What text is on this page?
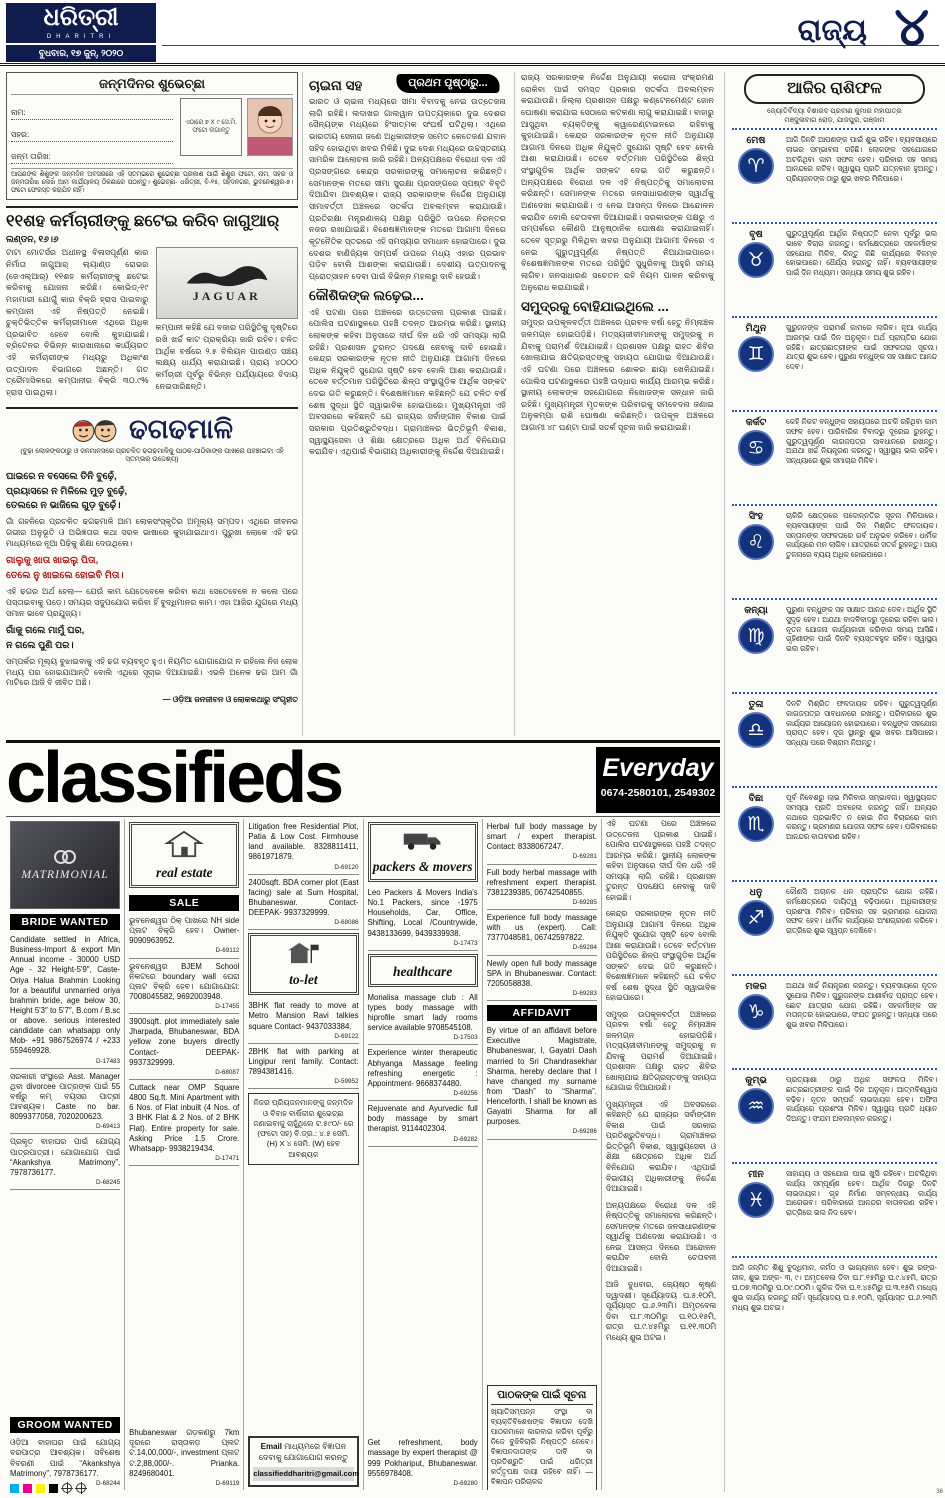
ଧରିତ୍ରୀ
DHARITRI
ବୁଧବାର, ୧୭ ଜୁନ୍, ୨୦୨୦
ରାଜ୍ୟ ୪
ଜନ୍ମଦିନର ଶୁଭେଚ୍ଛା
ନାମ:
ସହର:
ଜନ୍ମ ତାରିଖ:
ଏଠାରେ ୭ X ୯ ସେ.ମି. ଫଟୋ ଲଗାନ୍ତୁ
ଆପଣଙ୍କ ଶିଶୁଙ୍କ ଜନ୍ମଦିନ ଅବସରରେ ଏହି ସ୍ତମ୍ଭରେ ଶୁଭେଚ୍ଛା ପ୍ରକାଶ ପାଇଁ ଶିଶୁର ଫଟୋ, ନାମ, ସହର ଓ ଜନ୍ମତାରିଖ ଲେଖି ଆମ କାର୍ଯ୍ୟାଳୟ ଠିକଣାରେ ପଠାନ୍ତୁ। ଶୁଭେଚ୍ଛା- ଧରିତ୍ରୀ, ବି-୧୫, ସହିଦନଗର, ଭୁବନେଶ୍ୱର-୭। ଫଟୋ ଫେରସ୍ତ କରାଯିବ ନାହିଁ।
୧୧ଶହ କର୍ମଚାରୀଙ୍କୁ ଛଟେଇ କରିବ ଜାଗୁଆର୍
ଲଣ୍ଡନ, ୧୬।୬
ଟାଟା ମୋଟର୍ସର ଅଧୀନସ୍ଥ ବିଳାସପୂର୍ଣ୍ଣ କାର ନିର୍ମାତା ଜାଗୁଆର୍ ଲ୍ୟାଣ୍ଡ ରୋଭର (ଜେଏଲ୍‌ଆର୍) ୧୧ଶହ କର୍ମଚାରୀଙ୍କୁ ଛଟେଇ କରିବାକୁ ଯୋଜନା କରିଛି। କୋଭିଡ୍-୧୯ ମହାମାରୀ ଯୋଗୁଁ କାର ବିକ୍ରି ହ୍ରାସ ପାଇବାରୁ କମ୍ପାନୀ ଏହି ନିଷ୍ପତ୍ତି ନେଇଛି। ଚୁକ୍ତିଭିତ୍ତିକ କର୍ମଚାରୀମାନେ ଏଥିରେ ଅଧିକ ପ୍ରଭାବିତ ହେବେ ବୋଲି କୁହାଯାଇଛି। ବ୍ରିଟେନର ବିଭିନ୍ନ କାରଖାନାରେ କାର୍ଯ୍ୟରତ ଏହି କର୍ମଚାରୀଙ୍କ ମଧ୍ୟରୁ ଅଧିକାଂଶ ଉତ୍ପାଦନ ବିଭାଗରେ ଅଛନ୍ତି। ଗତ ତ୍ରୈମାସିକରେ କମ୍ପାନୀର ବିକ୍ରି ୩୦.୯% ହ୍ରାସ ପାଇଥିଲା।
JAGUAR
କମ୍ପାନୀ କହିଛି ଯେ ବଜାର ପରିସ୍ଥିତିକୁ ଦୃଷ୍ଟିରେ ରଖି ଖର୍ଚ୍ଚ କାଟ ପ୍ରକ୍ରିୟା ଜାରି ରହିବ। ଚଳିତ ଆର୍ଥିକ ବର୍ଷରେ ୨.୫ ବିଲିୟନ ପାଉଣ୍ଡ ସଞ୍ଚୟ ଲକ୍ଷ୍ୟ ଧାର୍ଯ୍ୟ କରାଯାଇଛି। ପ୍ରାୟ ୪୦୦୦ କର୍ମଚାରୀ ପୂର୍ବରୁ ବିଭିନ୍ନ ପର୍ଯ୍ୟାୟରେ ବିଦାୟ ନେଇସାରିଛନ୍ତି।
ଢଗଢମାଳି
(ବୁଢ଼ା ଲୋକଙ୍କଠାରୁ ଓ ଜନମାନସରେ ପ୍ରଚଳିତ ଢଗଢମାଳିକୁ ପାଠକ-ପାଠିକାଙ୍କ ପାଖରେ ପହଞ୍ଚାଇବା ଏହି ସ୍ତମ୍ଭର ଉଦ୍ଦେଶ୍ୟ)
ଘାଇରେ ନ ବସେଲେ ତିନି ବୁଢ଼େଁ,
ପ୍ରୟାସରେ ନ ମିଳିଲେ ମୁଡ଼ ବୁଢ଼େଁ,
ତେଲରେ ନ ଭାଜିଲେ ଗୁଡ଼ ବୁଢ଼େଁ।
ଗାଁ ଗହଳିରେ ପ୍ରଚଳିତ ଢଗଢମାଳି ଆମ ଲୋକସଂସ୍କୃତିର ଅମୂଲ୍ୟ ସମ୍ପଦ। ଏଥିରେ ଜୀବନର ଗଭୀର ଅନୁଭୂତି ଓ ଅଭିଜ୍ଞତାର କଥା ସରଳ ଭାଷାରେ କୁହାଯାଇଥାଏ। ପୁରୁଖା ଲୋକେ ଏହି ଢଗ ମାଧ୍ୟମରେ ନୂଆ ପିଢ଼ିକୁ ଶିକ୍ଷା ଦେଉଥିଲେ।
ଗାଲୁକୁ ଖାତା ଖାଇଲୁ ପିତା,
ତେଲେ ନୁ ଖାଇଲେ ହୋଇବି ମିତା।
ଏହି ଢଗର ଅର୍ଥ ହେଲା— ଯେଉଁ କାମ ଯେତେବେଳେ କରିବା କଥା ସେତେବେଳେ ନ କଲେ ପରେ ପସ୍ତାଇବାକୁ ପଡ଼େ। ସମୟର ସଦୁପଯୋଗ କରିବା ହିଁ ବୁଦ୍ଧିମାନର କାମ। ଏହା ଆଜିର ଯୁଗରେ ମଧ୍ୟ ସମାନ ଭାବେ ପ୍ରଯୁଜ୍ୟ।
ଗାଁକୁ ଗଲେ ମାମୁଁ ଘର,
ନ ଗଲେ ପୁଣି ପର।
ସମ୍ପର୍କର ମୂଲ୍ୟ ବୁଝାଇବାକୁ ଏହି ଢଗ ବ୍ୟବହୃତ ହୁଏ। ନିୟମିତ ଯୋଗାଯୋଗ ନ ରହିଲେ ନିଜ ଲୋକ ମଧ୍ୟ ପର ହୋଇଯାଆନ୍ତି ବୋଲି ଏଥିରେ ସୂଚାଇ ଦିଆଯାଇଛି। ଏଭଳି ଅନେକ ଢଗ ଆମ ଗାଁ ମାଟିରେ ଆଜି ବି ଜୀବିତ ଅଛି।
— ଓଡ଼ିଆ ଜନଜୀବନ ଓ ଲୋକକଥାରୁ ସଂଗୃହୀତ
ପ୍ରଥମ ପୃଷ୍ଠାରୁ...
ଚାଇନା ସହ
ଭାରତ ଓ ଚାଇନା ମଧ୍ୟରେ ସୀମା ବିବାଦକୁ ନେଇ ଉତ୍ତେଜନା ଲାଗି ରହିଛି। ଲଦାଖର ଗାଲୱାନ ଉପତ୍ୟକାରେ ଦୁଇ ଦେଶର ସୈନ୍ୟଙ୍କ ମଧ୍ୟରେ ହିଂସାତ୍ମକ ସଂଘର୍ଷ ଘଟିଥିଲା। ଏଥିରେ ଭାରତୀୟ ସେନାର ଜଣେ ଅଧିକାରୀଙ୍କ ସମେତ କେତେଜଣ ଯବାନ ସହିଦ ହୋଇଥିବା ଖବର ମିଳିଛି। ଦୁଇ ଦେଶ ମଧ୍ୟରେ ଉଚ୍ଚସ୍ତରୀୟ ସାମରିକ ଆଲୋଚନା ଜାରି ରହିଛି। ଅନ୍ୟପକ୍ଷରେ ବିରୋଧୀ ଦଳ ଏହି ପ୍ରସଙ୍ଗରେ କେନ୍ଦ୍ର ସରକାରଙ୍କୁ ସମାଲୋଚନା କରିଛନ୍ତି। ସେମାନଙ୍କ ମତରେ ସୀମା ସୁରକ୍ଷା ପ୍ରସଙ୍ଗରେ ସ୍ପଷ୍ଟ ବିବୃତି ଦିଆଯିବା ଆବଶ୍ୟକ। ରାଜ୍ୟ ସରକାରଙ୍କ ନିର୍ଦ୍ଦେଶ ଅନୁଯାୟୀ ସୀମାବର୍ତ୍ତୀ ଅଞ୍ଚଳରେ ସତର୍କତା ଅବଲମ୍ବନ କରାଯାଉଛି। ପ୍ରତିରକ୍ଷା ମନ୍ତ୍ରଣାଳୟ ପକ୍ଷରୁ ପରିସ୍ଥିତି ଉପରେ ନିରନ୍ତର ନଜର ରଖାଯାଇଛି। ବିଶେଷଜ୍ଞମାନଙ୍କ ମତରେ ଆଗାମୀ ଦିନରେ କୂଟନୈତିକ ସ୍ତରରେ ଏହି ସମସ୍ୟାର ସମାଧାନ ହୋଇପାରେ। ଦୁଇ ଦେଶର ବାଣିଜ୍ୟିକ ସମ୍ପର୍କ ଉପରେ ମଧ୍ୟ ଏହାର ପ୍ରଭାବ ପଡ଼ିବ ବୋଲି ଆଶଙ୍କା କରାଯାଉଛି। ଦେଶୀୟ ଉତ୍ପାଦନକୁ ପ୍ରୋତ୍ସାହନ ଦେବା ପାଇଁ ବିଭିନ୍ନ ମହଲରୁ ଦାବି ହେଉଛି।
କୌଶିକଙ୍କ ଲଢ଼େଇ...
ଏହି ଘଟଣା ପରେ ଅଞ୍ଚଳରେ ଉତ୍ତେଜନା ପ୍ରକାଶ ପାଇଛି। ପୋଲିସ ଘଟଣାସ୍ଥଳରେ ପହଞ୍ଚି ତଦନ୍ତ ଆରମ୍ଭ କରିଛି। ସ୍ଥାନୀୟ ଲୋକଙ୍କ କହିବା ଅନୁସାରେ ଦୀର୍ଘ ଦିନ ଧରି ଏହି ସମସ୍ୟା ଲାଗି ରହିଛି। ପ୍ରଶାସନ ତୁରନ୍ତ ପଦକ୍ଷେ ନେବାକୁ ଦାବି ହୋଇଛି। କେନ୍ଦ୍ର ସରକାରଙ୍କ ନୂତନ ନୀତି ଅନୁଯାୟୀ ଆଗାମୀ ଦିନରେ ଅଧିକ ନିଯୁକ୍ତି ସୁଯୋଗ ସୃଷ୍ଟି ହେବ ବୋଲି ଆଶା କରାଯାଉଛି। ତେବେ ବର୍ତ୍ତମାନ ପରିସ୍ଥିତିରେ ଶିଳ୍ପ ସଂସ୍ଥାଗୁଡ଼ିକ ଆର୍ଥିକ ସଙ୍କଟ ଦେଇ ଗତି କରୁଛନ୍ତି। ବିଶେଷଜ୍ଞମାନେ କହିଛନ୍ତି ଯେ ଚଳିତ ବର୍ଷ ଶେଷ ସୁଦ୍ଧା ସ୍ଥିତି ସ୍ୱାଭାବିକ ହୋଇପାରେ। ମୁଖ୍ୟମନ୍ତ୍ରୀ ଏହି ଅବସରରେ କହିଛନ୍ତି ଯେ ରାଜ୍ୟର ସର୍ବାଙ୍ଗୀନ ବିକାଶ ପାଇଁ ସରକାର ପ୍ରତିଶ୍ରୁତିବଦ୍ଧ। ଗ୍ରାମାଞ୍ଚଳର ଭିତ୍ତିଭୂମି ବିକାଶ, ସ୍ୱାସ୍ଥ୍ୟସେବା ଓ ଶିକ୍ଷା କ୍ଷେତ୍ରରେ ଅଧିକ ଅର୍ଥ ବିନିଯୋଗ କରାଯିବ। ଏଥିପାଇଁ ବିଭାଗୀୟ ଅଧିକାରୀଙ୍କୁ ନିର୍ଦ୍ଦେଶ ଦିଆଯାଇଛି।
ରାଜ୍ୟ ସରକାରଙ୍କ ନିର୍ଦ୍ଦେଶ ଅନୁଯାୟୀ କରୋନା ସଂକ୍ରମଣ ରୋକିବା ପାଇଁ ସମସ୍ତ ପ୍ରକାର ସତର୍କତା ଅବଲମ୍ବନ କରାଯାଉଛି। ଜିଲ୍ଲା ପ୍ରଶାସନ ପକ୍ଷରୁ କଣ୍ଟେନମେଣ୍ଟ ଜୋନ ଘୋଷଣା କରାଯାଇ ସେଠାରେ କଟକଣା ଲାଗୁ କରାଯାଇଛି। ବାହାରୁ ଆସୁଥିବା ବ୍ୟକ୍ତିଙ୍କୁ କ୍ୱାରେଣ୍ଟାଇନରେ ରହିବାକୁ କୁହାଯାଇଛି। କେନ୍ଦ୍ର ସରକାରଙ୍କ ନୂତନ ନୀତି ଅନୁଯାୟୀ ଆଗାମୀ ଦିନରେ ଅଧିକ ନିଯୁକ୍ତି ସୁଯୋଗ ସୃଷ୍ଟି ହେବ ବୋଲି ଆଶା କରାଯାଉଛି। ତେବେ ବର୍ତ୍ତମାନ ପରିସ୍ଥିତିରେ ଶିଳ୍ପ ସଂସ୍ଥାଗୁଡ଼ିକ ଆର୍ଥିକ ସଙ୍କଟ ଦେଇ ଗତି କରୁଛନ୍ତି। ଅନ୍ୟପକ୍ଷରେ ବିରୋଧୀ ଦଳ ଏହି ନିଷ୍ପତ୍ତିକୁ ସମାଲୋଚନା କରିଛନ୍ତି। ସେମାନଙ୍କ ମତରେ ଜନସାଧାରଣଙ୍କ ସ୍ୱାର୍ଥକୁ ଅଣଦେଖା କରାଯାଉଛି। ଏ ନେଇ ଆସନ୍ତା ଦିନରେ ଆନ୍ଦୋଳନ କରାଯିବ ବୋଲି ଚେତାବନୀ ଦିଆଯାଇଛି। ସରକାରଙ୍କ ପକ୍ଷରୁ ଏ ସମ୍ପର୍କରେ କୌଣସି ଆନୁଷ୍ଠାନିକ ଘୋଷଣା କରାଯାଇନାହିଁ। ତେବେ ସୂତ୍ରରୁ ମିଳିଥିବା ଖବର ଅନୁଯାୟୀ ଆଗାମୀ ଦିନରେ ଏ ନେଇ ଗୁରୁତ୍ୱପୂର୍ଣ୍ଣ ନିଷ୍ପତ୍ତି ନିଆଯାଇପାରେ। ବିଶେଷଜ୍ଞମାନଙ୍କ ମତରେ ପରିସ୍ଥିତି ସୁଧୁରିବାକୁ ଆହୁରି ସମୟ ଲାଗିବ। ଜନସାଧାରଣ ସଚେତନ ରହି ନିୟମ ପାଳନ କରିବାକୁ ଅନୁରୋଧ କରାଯାଇଛି।
ସମୁଦ୍ରକୁ ବୋହିଯାଇଥିଲେ ...
ସମୁଦ୍ର ଉପକୂଳବର୍ତ୍ତୀ ଅଞ୍ଚଳରେ ପ୍ରବଳ ବର୍ଷା ହେତୁ ନିମ୍ନାଞ୍ଚଳ ଜଳମଗ୍ନ ହୋଇପଡ଼ିଛି। ମତ୍ସ୍ୟଜୀବୀମାନଙ୍କୁ ସମୁଦ୍ରକୁ ନ ଯିବାକୁ ପରାମର୍ଶ ଦିଆଯାଇଛି। ପ୍ରଶାସନ ପକ୍ଷରୁ ରାହତ ଶିବିର ଖୋଲାଯାଇ କ୍ଷତିଗ୍ରସ୍ତଙ୍କୁ ସହାୟତା ଯୋଗାଇ ଦିଆଯାଉଛି। ଏହି ଘଟଣା ପରେ ଅଞ୍ଚଳରେ ଶୋକର ଛାୟା ଖେଳିଯାଇଛି। ପୋଲିସ ଘଟଣାସ୍ଥଳରେ ପହଞ୍ଚି ଉଦ୍ଧାର କାର୍ଯ୍ୟ ଆରମ୍ଭ କରିଛି। ସ୍ଥାନୀୟ ଲୋକଙ୍କ ସହଯୋଗରେ ନିଖୋଜଙ୍କ ସନ୍ଧାନ ଜାରି ରହିଛି। ମୁଖ୍ୟମନ୍ତ୍ରୀ ମୃତକଙ୍କ ପରିବାରକୁ ସମବେଦନା ଜଣାଇ ଅନୁକମ୍ପା ରାଶି ଘୋଷଣା କରିଛନ୍ତି। ଉପକୂଳ ଅଞ୍ଚଳରେ ଆଗାମୀ ୪୮ ଘଣ୍ଟା ପାଇଁ ସତର୍କ ସୂଚନା ଜାରି କରାଯାଇଛି।
ଆଜିର ରାଶିଫଳ
ଜ୍ୟୋତିର୍ବିଦ୍ୟା ବିଶାରଦ ପ୍ରବୀଣ କୁମାର ମହାପାତ୍ର
ମଞ୍ଜୁଳାବାଗ ରୋଡ଼, ଯାଜପୁର, ଗଞ୍ଜାମ
ମେଷ
♈
ଆଜି ଦିନଟି ଆପଣଙ୍କ ପାଇଁ ଶୁଭ ରହିବ। ବ୍ୟବସାୟରେ ଲାଭର ସମ୍ଭାବନା ରହିଛି। ଲୋକଙ୍କ ସହଯୋଗରେ ଅଟକିଥିବା କାମ ସଫଳ ହେବ। ପରିବାର ସହ ସମୟ ଆନନ୍ଦରେ କଟିବ। ସ୍ୱାସ୍ଥ୍ୟ ପ୍ରତି ଯତ୍ନବାନ ହୁଅନ୍ତୁ। ପ୍ରିୟଜନଙ୍କ ଠାରୁ ଶୁଭ ଖବର ମିଳିପାରେ।
ବୃଷ
♉
ଗୁରୁତ୍ୱପୂର୍ଣ୍ଣ ଆର୍ଥିକ ନିଷ୍ପତ୍ତି ନେବା ପୂର୍ବରୁ ଭଲ ଭାବେ ବିଚାର କରନ୍ତୁ। କର୍ମକ୍ଷେତ୍ରରେ ସହକର୍ମୀଙ୍କ ସହଯୋଗ ମିଳିବ, କିନ୍ତୁ କିଛି କାର୍ଯ୍ୟରେ ବିଳମ୍ବ ହୋଇପାରେ। ଧୈର୍ଯ୍ୟ ହରାନ୍ତୁ ନାହିଁ। ବ୍ୟବସାୟୀଙ୍କ ପାଇଁ ଦିନ ମଧ୍ୟମ। ସନ୍ଧ୍ୟା ସମୟ ଶୁଭ ରହିବ।
ମିଥୁନ
♊
ଗୁରୁଜନଙ୍କ ପରାମର୍ଶ କାମରେ ଲାଗିବ। ନୂଆ କାର୍ଯ୍ୟ ଆରମ୍ଭ ପାଇଁ ଦିନ ଅନୁକୂଳ। ଅର୍ଥ ପ୍ରାପ୍ତିର ଯୋଗ ରହିଛି। ଛାତ୍ରଛାତ୍ରୀଙ୍କ ପାଇଁ ସଫଳତାର ସୂଚନା। ଯାତ୍ରା ଶୁଭ ହେବ। ପୁରୁଣା ବନ୍ଧୁଙ୍କ ସହ ସାକ୍ଷାତ ଆନନ୍ଦ ଦେବ।
କର୍କଟ
♋
କେହି ନିକଟ ବନ୍ଧୁଙ୍କ ସହାୟତାରେ ଅଟକି ରହିଥିବା କାମ ସଫଳ ହେବ। ପାରିବାରିକ ବିବାଦରୁ ଦୂରେଇ ରୁହନ୍ତୁ। ଗୁରୁତ୍ୱପୂର୍ଣ୍ଣ କାଗଜପତ୍ର ସାବଧାନରେ ରଖନ୍ତୁ। ଅଯଥା ଖର୍ଚ୍ଚ ନିୟନ୍ତ୍ରଣ କରନ୍ତୁ। ସ୍ୱାସ୍ଥ୍ୟ ଭଲ ରହିବ। ସନ୍ଧ୍ୟାରେ ଶୁଭ ସମାଚାର ମିଳିବ।
ସିଂହ
♌
ଚାକିରି କ୍ଷେତ୍ରରେ ପଦୋନ୍ନତିର ସୂଚନା ମିଳିପାରେ। ବ୍ୟବସାୟୀଙ୍କ ପାଇଁ ଦିନ ମିଶ୍ରିତ ଫଳଦାୟକ। ସନ୍ତାନଙ୍କ ସଫଳତାରେ ଗର୍ବ ଅନୁଭବ କରିବେ। ଧାର୍ମିକ କାର୍ଯ୍ୟରେ ମନ ଲାଗିବ। ଯାତ୍ରାରେ ସତର୍କ ରୁହନ୍ତୁ। ଆୟ ତୁଳନାରେ ବ୍ୟୟ ଅଧିକ ହୋଇପାରେ।
କନ୍ୟା
♍
ପୁରୁଣା ବନ୍ଧୁଙ୍କ ସହ ସାକ୍ଷାତ ଆନନ୍ଦ ଦେବ। ଆର୍ଥିକ ସ୍ଥିତି ସୁଦୃଢ଼ ହେବ। ଅଯଥା ବାଦବିବାଦରୁ ଦୂରେଇ ରହିବା ଭଲ। ନୂତନ ଯୋଜନା କାର୍ଯ୍ୟକାରୀ କରିବାର ସମୟ ଆସିଛି। ଗୃହିଣୀଙ୍କ ପାଇଁ ଦିନଟି ବ୍ୟସ୍ତବହୁଳ ରହିବ। ସ୍ୱାସ୍ଥ୍ୟ ଭଲ ରହିବ।
ତୁଳା
♎
ଦିନଟି ମିଶ୍ରିତ ଫଳଦାୟକ ରହିବ। ଗୁରୁତ୍ୱପୂର୍ଣ୍ଣ କାଗଜପତ୍ର ସାବଧାନରେ ରଖନ୍ତୁ। ପରିବାରରେ ଶୁଭ କାର୍ଯ୍ୟର ଆୟୋଜନ ହୋଇପାରେ। ବନ୍ଧୁଙ୍କ ସହଯୋଗ ପ୍ରାପ୍ତ ହେବ। ଦୂର ସ୍ଥାନରୁ ଶୁଭ ଖବର ଆସିପାରେ। ସନ୍ଧ୍ୟା ପରେ ବିଶ୍ରାମ ନିଅନ୍ତୁ।
ବିଛା
♏
ପୂର୍ବ ନିବେଶରୁ ଲାଭ ମିଳିବାର ସମ୍ଭାବନା। ସ୍ୱାସ୍ଥ୍ୟଗତ ସମସ୍ୟା ପ୍ରତି ଅବହେଳା କରନ୍ତୁ ନାହିଁ। ଅନ୍ୟର କଥାରେ ପ୍ରଭାବିତ ନ ହୋଇ ନିଜ ବିଚାରରେ କାମ କରନ୍ତୁ। ଭ୍ରମଣର ଯୋଜନା ସଫଳ ହେବ। ପରିବାରରେ ଆନନ୍ଦର ବାତାବରଣ ରହିବ।
ଧନୁ
♐
କୌଣସି ଅଚାନକ ଧନ ପ୍ରାପ୍ତିର ଯୋଗ ରହିଛି। କର୍ମକ୍ଷେତ୍ରରେ ଦାୟିତ୍ୱ ବଢ଼ିପାରେ। ଅଧିକାରୀଙ୍କ ପ୍ରଶଂସା ମିଳିବ। ପରିବାର ସହ ଭ୍ରମଣର ଯୋଜନା ସଫଳ ହେବ। ଧାର୍ମିକ କାର୍ଯ୍ୟରେ ଅଂଶଗ୍ରହଣ କରିବେ। ରାତ୍ରିରେ ଶୁଭ ସ୍ୱପ୍ନ ଦେଖିବେ।
ମକର
♑
ଅଯଥା ଖର୍ଚ୍ଚ ନିୟନ୍ତ୍ରଣ କରନ୍ତୁ। ବ୍ୟବସାୟରେ ନୂତନ ସୁଯୋଗ ମିଳିବ। ଗୁରୁଜନଙ୍କ ଆଶୀର୍ବାଦ ପ୍ରାପ୍ତ ହେବ। ଛୋଟ ଯାତ୍ରାର ଯୋଗ ରହିଛି। ସହକର୍ମୀଙ୍କ ସହ ମତାନ୍ତର ହୋଇପାରେ, ସଂଯତ ରୁହନ୍ତୁ। ସନ୍ଧ୍ୟା ପରେ ଶୁଭ ଖବର ମିଳିପାରେ।
କୁମ୍ଭ
♒
ପ୍ରତ୍ୟାଶା ଠାରୁ ଅଧିକ ସଫଳତା ମିଳିବ। ଛାତ୍ରଛାତ୍ରୀଙ୍କ ପାଇଁ ଦିନ ଅନୁକୂଳ। ଆତ୍ମବିଶ୍ୱାସ ବଢ଼ିବ। ନୂତନ ସମ୍ପର୍କ ଲାଭଦାୟକ ହେବ। ଅଫିସ କାର୍ଯ୍ୟରେ ପ୍ରଶଂସା ମିଳିବ। ସ୍ୱାସ୍ଥ୍ୟ ପ୍ରତି ଧ୍ୟାନ ଦିଅନ୍ତୁ। ସଂଯମ ଅବଲମ୍ବନ କରନ୍ତୁ।
ମୀନ
♓
ସାହାଯ୍ୟ ଓ ସହଯୋଗ ପାଇ ଖୁସି ରହିବେ। ଅଟକିଥିବା କାର୍ଯ୍ୟ ସମ୍ପୂର୍ଣ୍ଣ ହେବ। ଆର୍ଥିକ ଦିଗରୁ ଦିନଟି ଲାଭଦାୟକ। ଗୃହ ନିର୍ମାଣ ସମ୍ବନ୍ଧୀୟ କାର୍ଯ୍ୟ ଆଗେଇବ। ପରିବାରରେ ଆନନ୍ଦର ବାତାବରଣ ରହିବ। ରାତ୍ରିରେ ଭଲ ନିଦ ହେବ।
ଆଜି ଜନ୍ମିତ ଶିଶୁ ବୁଦ୍ଧିମାନ, କର୍ମଠ ଓ ଭାଗ୍ୟବାନ ହେବ। ଶୁଭ ରଙ୍ଗ- ନୀଳ, ଶୁଭ ଅଙ୍କ- ୩, ୯। ଅମୃତବେଳା ଦିବା ଘ.୮.୧୫ମିରୁ ଘ.୯.୪୫ମି, ରାତ୍ର ଘ.୦୭.୩୦ମିରୁ ଘ.୦୯.୦୦ମି। ଗୁଳିକ ଦିବା ଘ.୧.୪୫ମିରୁ ଘ.୩.୧୫ମି ମଧ୍ୟେ ଶୁଭ କାର୍ଯ୍ୟ କରନ୍ତୁ ନାହିଁ। ସୂର୍ଯ୍ୟୋଦୟ ଘ.୫.୧୦ମି, ସୂର୍ଯ୍ୟାସ୍ତ ଘ.୬.୨୩ମି ମଧ୍ୟ ଶୁଭ ଅଟଇ।
classifieds	Everyday
0674-2580101, 2549302
MATRIMONIAL
BRIDE WANTED
Candidate settled in Africa, Business-Import & export Min Annual income - 30000 USD Age - 32 Height-5'9″, Caste-Oriya Halua Brahmin Looking for a beautiful unmarried oriya brahmin bride, age below 30, Height 5'3″ to 5'7″, B.com / B.sc or above. serious interested candidate can whatsapp only Mob- +91 9867526974 / +233 559469928.
D-17483
ସରକାରୀ ସଂସ୍ଥାରେ Asst. Manager ଥିବା divorcee ପାତ୍ରଙ୍କ ପାଇଁ 55 ବର୍ଷରୁ କମ୍ ବୟସର ପାତ୍ରୀ ଆବଶ୍ୟକ। Caste no bar. 8099377058, 7020200623.
D-69413
ପ୍ରକୃତ ବାହାଘର ପାଇଁ ଯୋଗ୍ୟ ପାତ୍ରପାତ୍ରୀ। ଯୋଗାଯୋଗ ପାଇଁ “Akankshya Matrimony”, 7978736177.
D-68245
GROOM WANTED
ଓଡ଼ିଆ ବାହାଘର ପାଇଁ ଯୋଗ୍ୟ ବରପାତ୍ର ଆବଶ୍ୟକ। ସବିଶେଷ ବିବରଣୀ ପାଇଁ “Akankshya Matrimony”, 7978736177.
D-68244
real estate
SALE
ଭୁବନେଶ୍ୱର ଠିକ୍ ପାଖରେ NH side ପ୍ଲଟ ବିକ୍ରି ହେବ। Owner- 9090963952.
D-69112
ଭୁବନେଶ୍ୱର BJEM School ନିକଟରେ boundary wall ଘେରା ପ୍ଲଟ ବିକ୍ରି ହେବ। ଯୋଗାଯୋଗ: 7008045582, 9692003948.
D-17455
3900sqft. plot immediately sale Jharpada, Bhubaneswar, BDA yellow zone buyers directly Contact- DEEPAK- 9937329999.
D-68087
Cuttack near OMP Square 4800 Sq.ft. Mini Apartment with 6 Nos. of Flat inbuilt (4 Nos. of 3 BHK Flat & 2 Nos. of 2 BHK Flat). Entire property for sale. Asking Price 1.5 Crore. Whatsapp- 9938219434.
D-17471
Bhubaneswar ଗଡ଼କଣରୁ 7km ଦୂରରେ ରାସ୍ତାକଡ଼ ପ୍ଲଟ ଟ.14,00,000/-, investment ପ୍ଲଟ ଟ.2,88,000/-. Prianka. 8249680401.
D-69119
Litigation free Residential Plot, Patia & Low Cost. Firmhouse land available. 8328811411, 9861971879.
D-69120
2400sqft. BDA corner plot (East facing) sale at Sum Hospital, Bhubaneswar. Contact- DEEPAK- 9937329999.
D-68086
to-let
3BHK flat ready to move at Metro Mansion Ravi talkies square Contact- 9437033384.
D-69122
2BHK flat with parking at Lingipur rent family. Contact: 7894381416.
D-59952
ନିଜର ପ୍ରିୟଜନମାନଙ୍କୁ ଜନ୍ମଦିନ ଓ ବିବାହ ବାର୍ଷିକୀର ଶୁଭେଚ୍ଛା ଜଣାଇବାକୁ ଚାହୁଁଥିଲେ ଟ.୫୯୦/- ରେ (ଫଟୋ ସହ) ବି.ଡ୍ର.: ୪.୫ ସେମି. (H) X ୪ ସେମି. (W) ହେବ ଆବଶ୍ୟକ
Email ମାଧ୍ୟମରେ ବିଜ୍ଞାପନ ଦେବାକୁ ଯୋଗାଯୋଗ କରନ୍ତୁ
classifieddharitri@gmail.com
packers & movers
Leo Packers & Movers India's No.1 Packers, since -1975 Households, Car, Office, Shifting, Local /Countrywide, 9438133699, 9439339938.
D-17473
healthcare
Monalisa massage club : All types body massage with hiprofile smart lady rooms service available 9708545108.
D-17503
Experience winter therapeutic Abhyanga Massage feeling refreshing energetic : Appointment- 9668374480.
D-69256
Rejuvenate and Ayurvedic full body massage by smart therapist. 9114402304.
D-69282
Get refreshment, body massage by expert therapist @ 999 Pokhariput, Bhubaneswar. 9556978408.
D-69280
Herbal full body massage by smart / expert therapist. Contact: 8338067247.
D-69281
Full body herbal massage with refreshment expert therapist. 7381239385, 06742540855.
D-69285
Experience full body massage with us (expert). Call: 7377048581, 06742597822.
D-69284
Newly open full body massage SPA in Bhubaneswar. Contact: 7205058838.
D-69283
AFFIDAVIT
By virtue of an affidavit before Executive Magistrate, Bhubaneswar, I, Gayatri Dash married to Sri Chandrasekhar Sharma, hereby declare that I have changed my surname from “Dash” to “Sharma”. Henceforth. I shall be known as Gayatri Sharma for all purposes.
D-69286
ପାଠକଙ୍କ ପାଇଁ ସୂଚନା
ଖ୍ୟାତିସମ୍ପନ୍ନ ସଂସ୍ଥା ବା ବ୍ୟକ୍ତିବିଶେଷଙ୍କ ବିଜ୍ଞାପନ ଦେଖି ପାଠକମାନେ କାରବାର କରିବା ପୂର୍ବରୁ ନିଜେ ବୁଝିବିଚାରି ନିଷ୍ପତ୍ତି ନେବେ। ବିଜ୍ଞାପନଦାତାଙ୍କ ଦାବି ବା ପ୍ରତିଶ୍ରୁତି ପାଇଁ ଧରିତ୍ରୀ କର୍ତ୍ତୃପକ୍ଷ ଦାୟୀ ରହିବେ ନାହିଁ। — ବିଜ୍ଞାପନ ପରିଚାଳକ
ଏହି ଘଟଣା ପରେ ଅଞ୍ଚଳରେ ଉତ୍ତେଜନା ପ୍ରକାଶ ପାଇଛି। ପୋଲିସ ଘଟଣାସ୍ଥଳରେ ପହଞ୍ଚି ତଦନ୍ତ ଆରମ୍ଭ କରିଛି। ସ୍ଥାନୀୟ ଲୋକଙ୍କ କହିବା ଅନୁସାରେ ଦୀର୍ଘ ଦିନ ଧରି ଏହି ସମସ୍ୟା ଲାଗି ରହିଛି। ପ୍ରଶାସନ ତୁରନ୍ତ ପଦକ୍ଷେପ ନେବାକୁ ଦାବି ହୋଇଛି।
କେନ୍ଦ୍ର ସରକାରଙ୍କ ନୂତନ ନୀତି ଅନୁଯାୟୀ ଆଗାମୀ ଦିନରେ ଅଧିକ ନିଯୁକ୍ତି ସୁଯୋଗ ସୃଷ୍ଟି ହେବ ବୋଲି ଆଶା କରାଯାଉଛି। ତେବେ ବର୍ତ୍ତମାନ ପରିସ୍ଥିତିରେ ଶିଳ୍ପ ସଂସ୍ଥାଗୁଡ଼ିକ ଆର୍ଥିକ ସଙ୍କଟ ଦେଇ ଗତି କରୁଛନ୍ତି। ବିଶେଷଜ୍ଞମାନେ କହିଛନ୍ତି ଯେ ଚଳିତ ବର୍ଷ ଶେଷ ସୁଦ୍ଧା ସ୍ଥିତି ସ୍ୱାଭାବିକ ହୋଇପାରେ।
ସମୁଦ୍ର ଉପକୂଳବର୍ତ୍ତୀ ଅଞ୍ଚଳରେ ପ୍ରବଳ ବର୍ଷା ହେତୁ ନିମ୍ନାଞ୍ଚଳ ଜଳମଗ୍ନ ହୋଇପଡ଼ିଛି। ମତ୍ସ୍ୟଜୀବୀମାନଙ୍କୁ ସମୁଦ୍ରକୁ ନ ଯିବାକୁ ପରାମର୍ଶ ଦିଆଯାଇଛି। ପ୍ରଶାସନ ପକ୍ଷରୁ ରାହତ ଶିବିର ଖୋଲାଯାଇ କ୍ଷତିଗ୍ରସ୍ତଙ୍କୁ ସହାୟତା ଯୋଗାଇ ଦିଆଯାଉଛି।
ମୁଖ୍ୟମନ୍ତ୍ରୀ ଏହି ଅବସରରେ କହିଛନ୍ତି ଯେ ରାଜ୍ୟର ସର୍ବାଙ୍ଗୀନ ବିକାଶ ପାଇଁ ସରକାର ପ୍ରତିଶ୍ରୁତିବଦ୍ଧ। ଗ୍ରାମାଞ୍ଚଳର ଭିତ୍ତିଭୂମି ବିକାଶ, ସ୍ୱାସ୍ଥ୍ୟସେବା ଓ ଶିକ୍ଷା କ୍ଷେତ୍ରରେ ଅଧିକ ଅର୍ଥ ବିନିଯୋଗ କରାଯିବ। ଏଥିପାଇଁ ବିଭାଗୀୟ ଅଧିକାରୀଙ୍କୁ ନିର୍ଦ୍ଦେଶ ଦିଆଯାଇଛି।
ଅନ୍ୟପକ୍ଷରେ ବିରୋଧୀ ଦଳ ଏହି ନିଷ୍ପତ୍ତିକୁ ସମାଲୋଚନା କରିଛନ୍ତି। ସେମାନଙ୍କ ମତରେ ଜନସାଧାରଣଙ୍କ ସ୍ୱାର୍ଥକୁ ଅଣଦେଖା କରାଯାଉଛି। ଏ ନେଇ ଆସନ୍ତା ଦିନରେ ଆନ୍ଦୋଳନ କରାଯିବ ବୋଲି ଚେତାବନୀ ଦିଆଯାଇଛି।
ଆଜି ବୁଧବାର, ଜ୍ୟେଷ୍ଠ କୃଷ୍ଣ ଦ୍ୱାଦଶୀ। ସୂର୍ଯ୍ୟୋଦୟ ଘ.୫.୧୦ମି, ସୂର୍ଯ୍ୟାସ୍ତ ଘ.୬.୨୩ମି। ଅମୃତବେଳା ଦିବା ଘ.୮.୩୦ମିରୁ ଘ.୧୦.୧୫ମି, ରାତ୍ର ଘ.୯.୪୫ମିରୁ ଘ.୧୧.୩୦ମି ମଧ୍ୟେ ଶୁଭ ଅଟଇ।
36
